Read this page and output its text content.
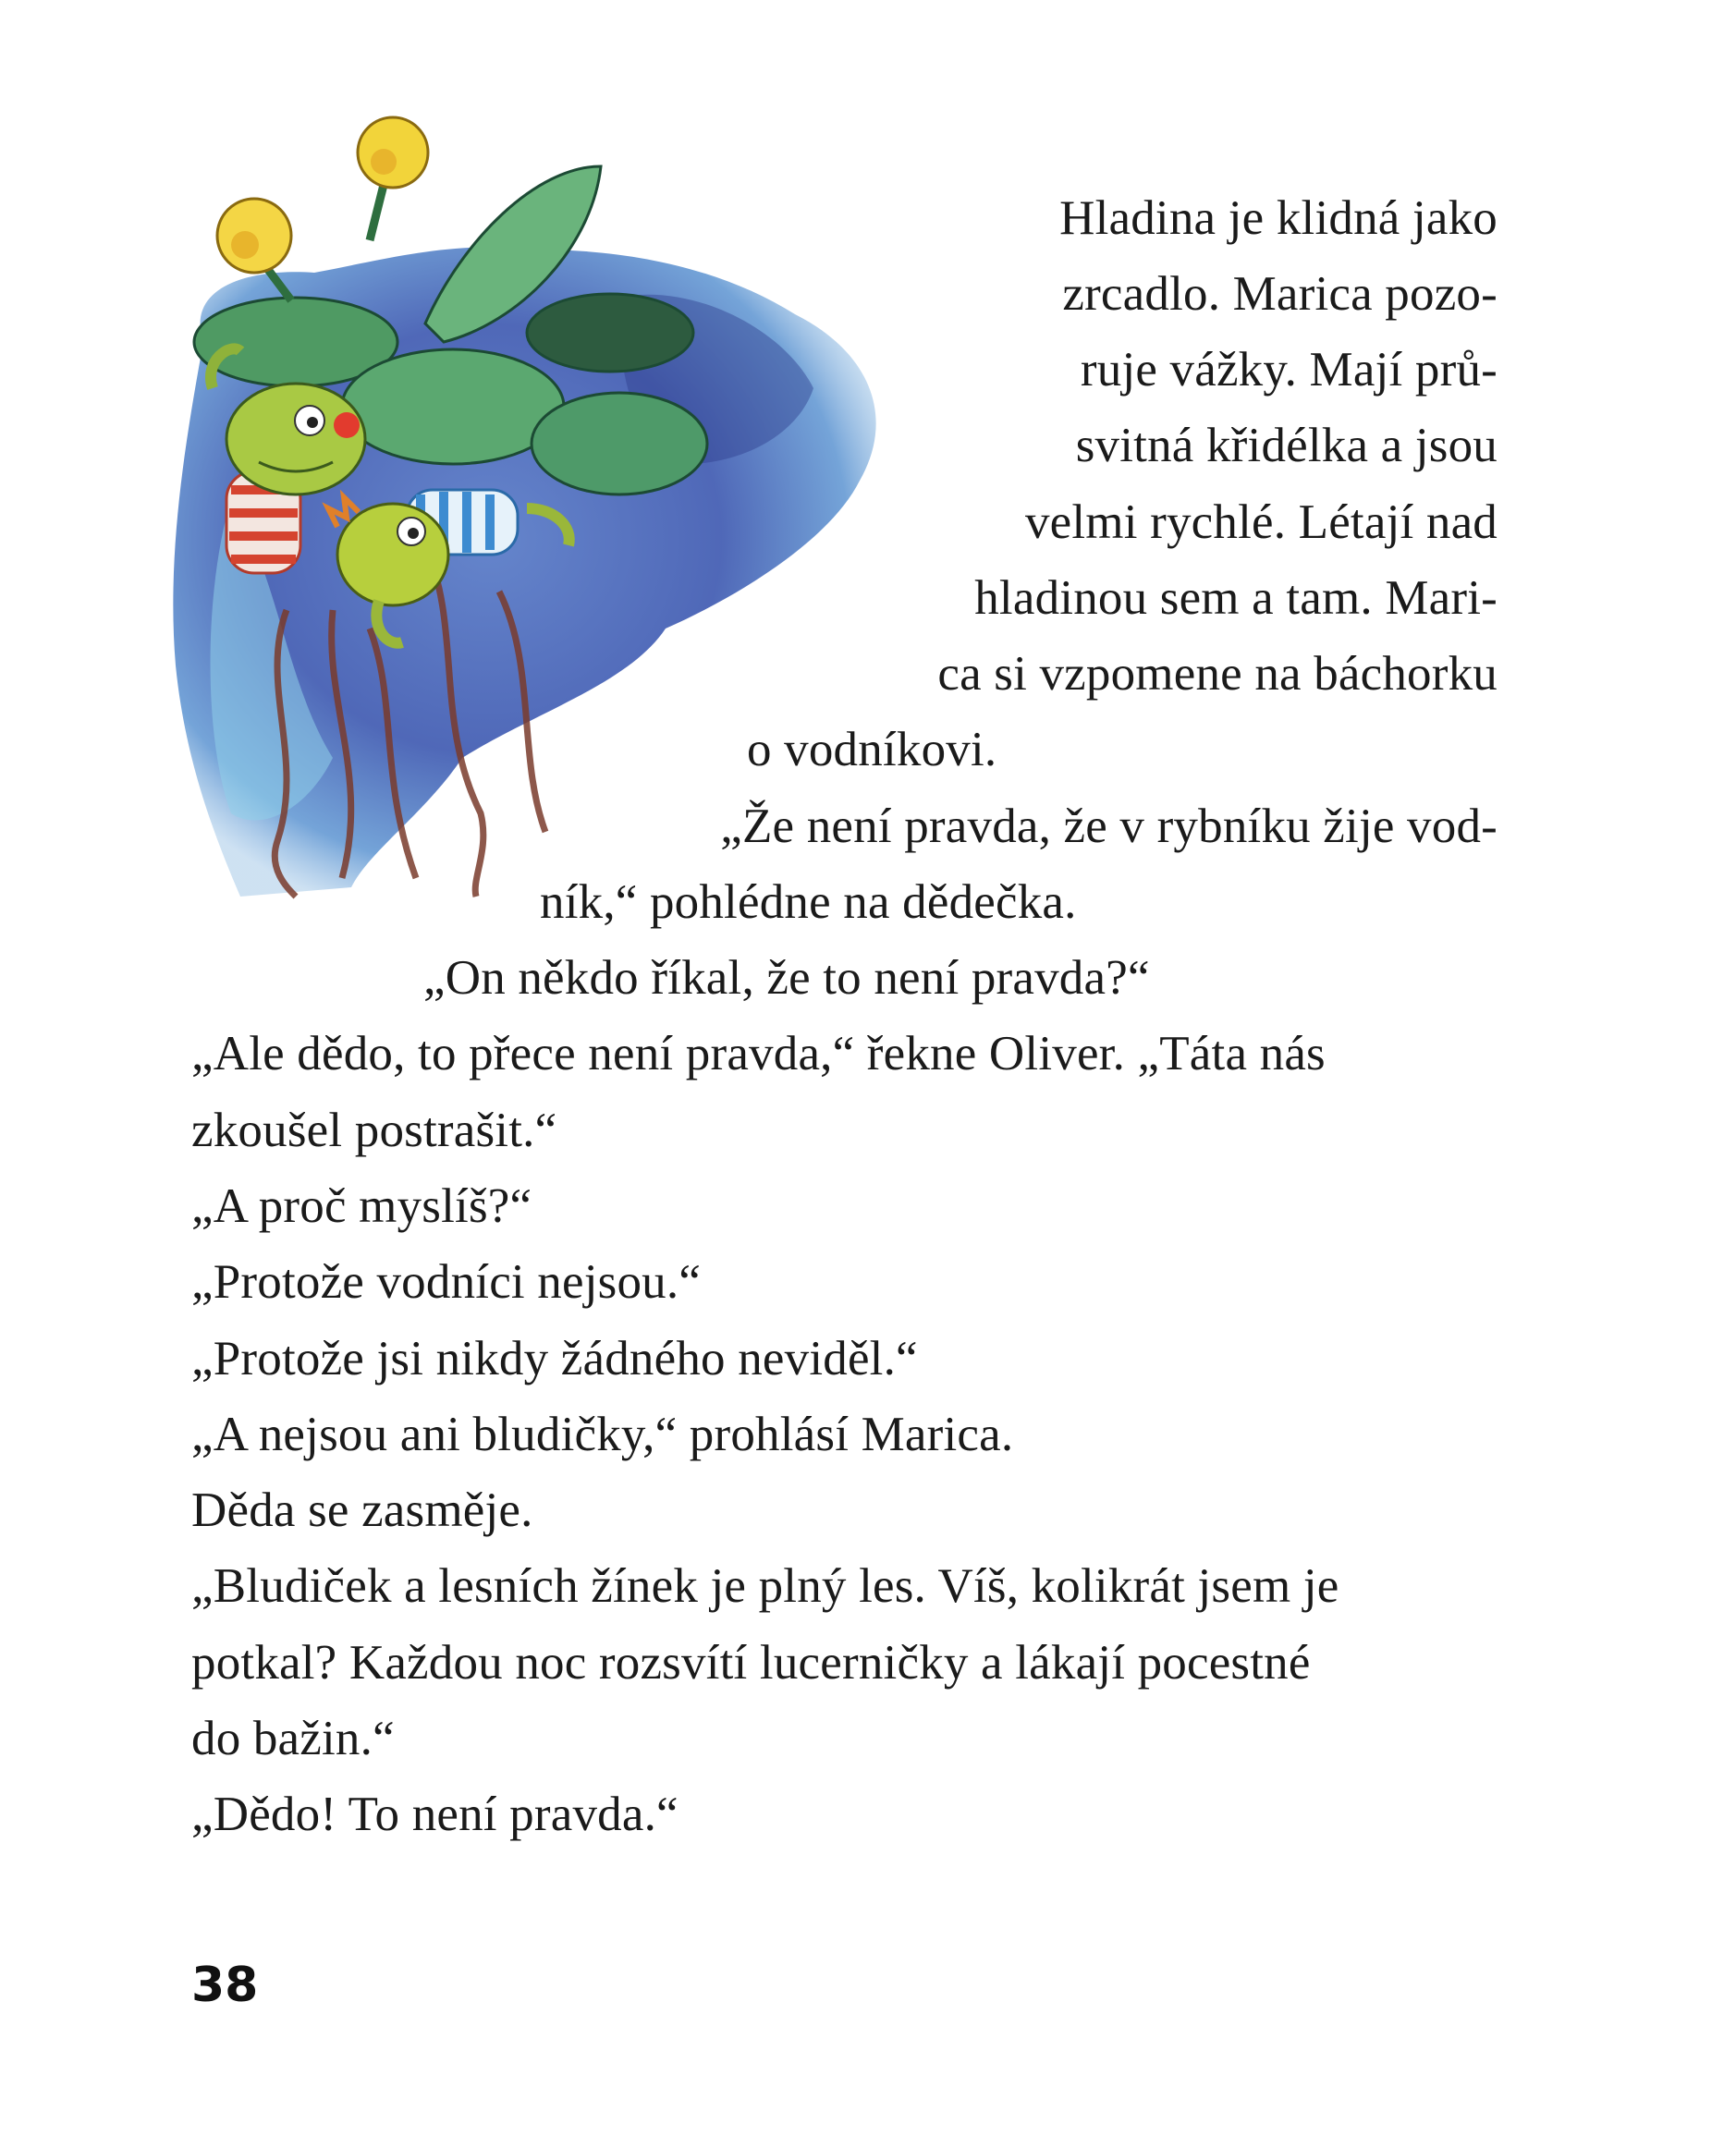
Hladina je klidná jako
zrcadlo. Marica pozo-
ruje vážky. Mají prů-
svitná křidélka a jsou
velmi rychlé. Létají nad
hladinou sem a tam. Mari-
ca si vzpomene na báchorku
o vodníkovi.
„Že není pravda, že v rybníku žije vod-
ník,“ pohlédne na dědečka.
„On někdo říkal, že to není pravda?“
„Ale dědo, to přece není pravda,“ řekne Oliver. „Táta nás
zkoušel postrašit.“
„A proč myslíš?“
„Protože vodníci nejsou.“
„Protože jsi nikdy žádného neviděl.“
„A nejsou ani bludičky,“ prohlásí Marica.
Děda se zasměje.
„Bludiček a lesních žínek je plný les. Víš, kolikrát jsem je
potkal? Každou noc rozsvítí lucerničky a lákají pocestné
do bažin.“
„Dědo! To není pravda.“
38
